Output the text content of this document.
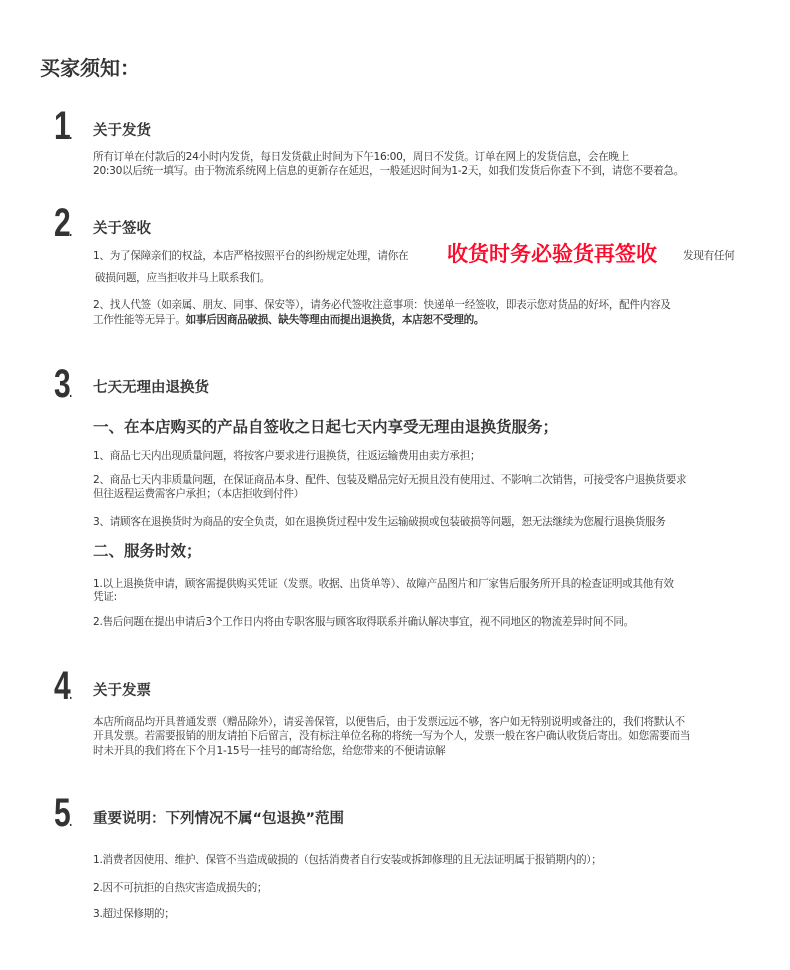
买家须知：
1. 关于发货
所有订单在付款后的24小时内发货，每日发货截止时间为下午16:00，周日不发货。订单在网上的发货信息，会在晚上
20:30以后统一填写。由于物流系统网上信息的更新存在延迟，一般延迟时间为1-2天，如我们发货后你查下不到，请您不要着急。
2. 关于签收
1、为了保障亲们的权益，本店严格按照平台的纠纷规定处理，请你在 收货时务必验货再签收 发现有任何
破损问题，应当拒收并马上联系我们。
2、找人代签（如亲属、朋友、同事、保安等），请务必代签收注意事项：快递单一经签收，即表示您对货品的好坏，配件内容及
工作性能等无异于。如事后因商品破损、缺失等理由而提出退换货，本店恕不受理的。
3. 七天无理由退换货
一、在本店购买的产品自签收之日起七天内享受无理由退换货服务；
1、商品七天内出现质量问题，将按客户要求进行退换货，往返运输费用由卖方承担；
2、商品七天内非质量问题，在保证商品本身、配件、包装及赠品完好无损且没有使用过、不影响二次销售，可接受客户退换货要求
但往返程运费需客户承担；（本店拒收到付件）
3、请顾客在退换货时为商品的安全负责，如在退换货过程中发生运输破损或包装破损等问题，恕无法继续为您履行退换货服务
二、服务时效；
1.以上退换货申请，顾客需提供购买凭证（发票。收据、出货单等）、故障产品图片和厂家售后服务所开具的检查证明或其他有效
凭证:
2.售后问题在提出申请后3个工作日内将由专职客服与顾客取得联系并确认解决事宜，视不同地区的物流差异时间不同。
4. 关于发票
本店所商品均开具普通发票（赠品除外），请妥善保管，以便售后，由于发票远远不够，客户如无特别说明或备注的，我们将默认不
开具发票。若需要报销的朋友请拍下后留言，没有标注单位名称的将统一写为个人，发票一般在客户确认收货后寄出。如您需要而当
时未开具的我们将在下个月1-15号一挂号的邮寄给您，给您带来的不便请谅解
5. 重要说明：下列情况不属“包退换”范围
1.消费者因使用、维护、保管不当造成破损的（包括消费者自行安装或拆卸修理的且无法证明属于报销期内的）；
2.因不可抗拒的自热灾害造成损失的；
3.超过保修期的；
